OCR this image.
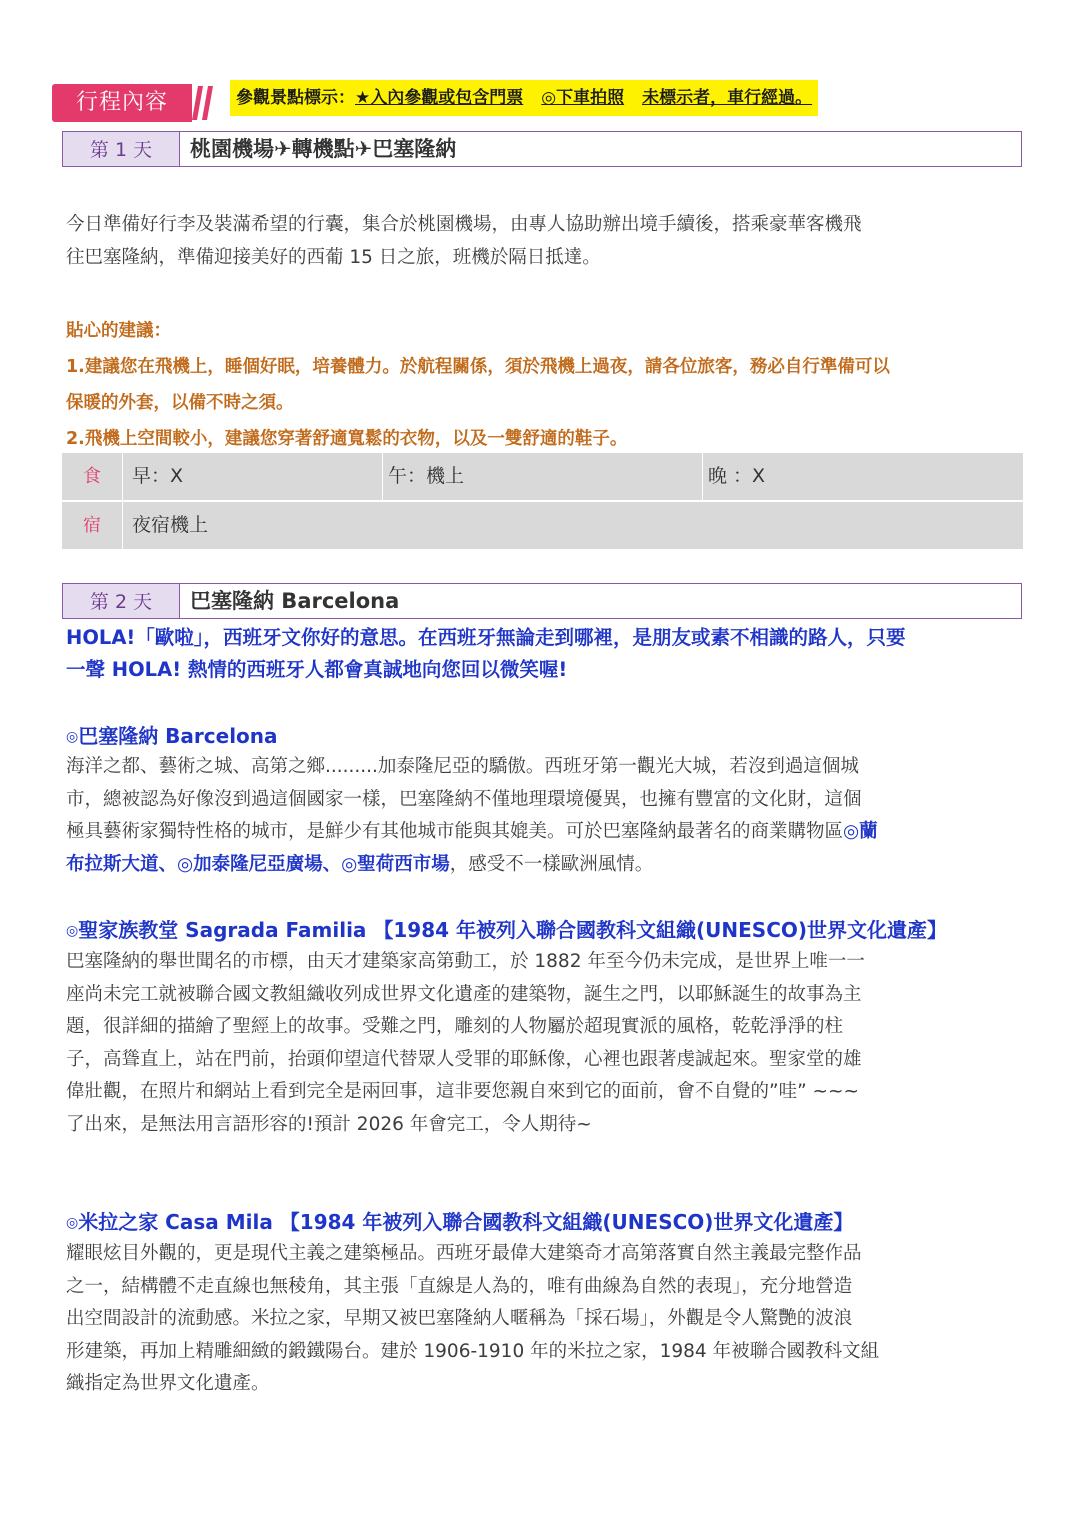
行程內容	參觀景點標示：★入內參觀或包含門票 ◎下車拍照 未標示者，車行經過。
第 1 天	桃園機場✈轉機點✈巴塞隆納
今日準備好行李及裝滿希望的行囊，集合於桃園機場，由專人協助辦出境手續後，搭乘豪華客機飛
往巴塞隆納，準備迎接美好的西葡 15 日之旅，班機於隔日抵達。
貼心的建議：
1.建議您在飛機上，睡個好眠，培養體力。於航程關係，須於飛機上過夜，請各位旅客，務必自行準備可以
保暖的外套，以備不時之須。
2.飛機上空間較小，建議您穿著舒適寬鬆的衣物，以及一雙舒適的鞋子。
食	早：X	午：機上	晚 ：X
宿	夜宿機上
第 2 天	巴塞隆納 Barcelona
HOLA!「歐啦」，西班牙文你好的意思。在西班牙無論走到哪裡，是朋友或素不相識的路人，只要
一聲 HOLA! 熱情的西班牙人都會真誠地向您回以微笑喔!
◎巴塞隆納 Barcelona
海洋之都、藝術之城、高第之鄉.........加泰隆尼亞的驕傲。西班牙第一觀光大城，若沒到過這個城
市，總被認為好像沒到過這個國家一樣，巴塞隆納不僅地理環境優異，也擁有豐富的文化財，這個
極具藝術家獨特性格的城市，是鮮少有其他城市能與其媲美。可於巴塞隆納最著名的商業購物區◎蘭
布拉斯大道、◎加泰隆尼亞廣場、◎聖荷西市場，感受不一樣歐洲風情。
◎聖家族教堂 Sagrada Familia 【1984 年被列入聯合國教科文組織(UNESCO)世界文化遺產】
巴塞隆納的舉世聞名的市標，由天才建築家高第動工，於 1882 年至今仍未完成，是世界上唯一一
座尚未完工就被聯合國文教組織收列成世界文化遺產的建築物，誕生之門，以耶穌誕生的故事為主
題，很詳細的描繪了聖經上的故事。受難之門，雕刻的人物屬於超現實派的風格，乾乾淨淨的柱
子，高聳直上，站在門前，抬頭仰望這代替眾人受罪的耶穌像，心裡也跟著虔誠起來。聖家堂的雄
偉壯觀，在照片和網站上看到完全是兩回事，這非要您親自來到它的面前，會不自覺的”哇” ~~~
了出來，是無法用言語形容的!預計 2026 年會完工，令人期待~
◎米拉之家 Casa Mila 【1984 年被列入聯合國教科文組織(UNESCO)世界文化遺產】
耀眼炫目外觀的，更是現代主義之建築極品。西班牙最偉大建築奇才高第落實自然主義最完整作品
之一，結構體不走直線也無稜角，其主張「直線是人為的，唯有曲線為自然的表現」，充分地營造
出空間設計的流動感。米拉之家，早期又被巴塞隆納人暱稱為「採石場」，外觀是令人驚艷的波浪
形建築，再加上精雕細緻的鍛鐵陽台。建於 1906-1910 年的米拉之家，1984 年被聯合國教科文組
織指定為世界文化遺產。
